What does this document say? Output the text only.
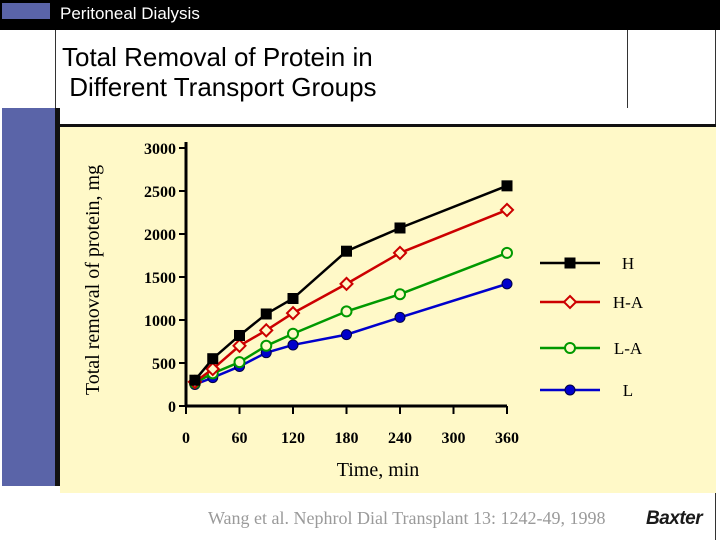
Peritoneal Dialysis
Total Removal of Protein in
Different Transport Groups
0
500
1000
1500
2000
2500
3000
0	60 120 180 240 300 360
H
H-A
L-A
L
Time, min
Total removal of protein, mg
Wang et al. Nephrol Dial Transplant 13: 1242-49, 1998 Baxter
